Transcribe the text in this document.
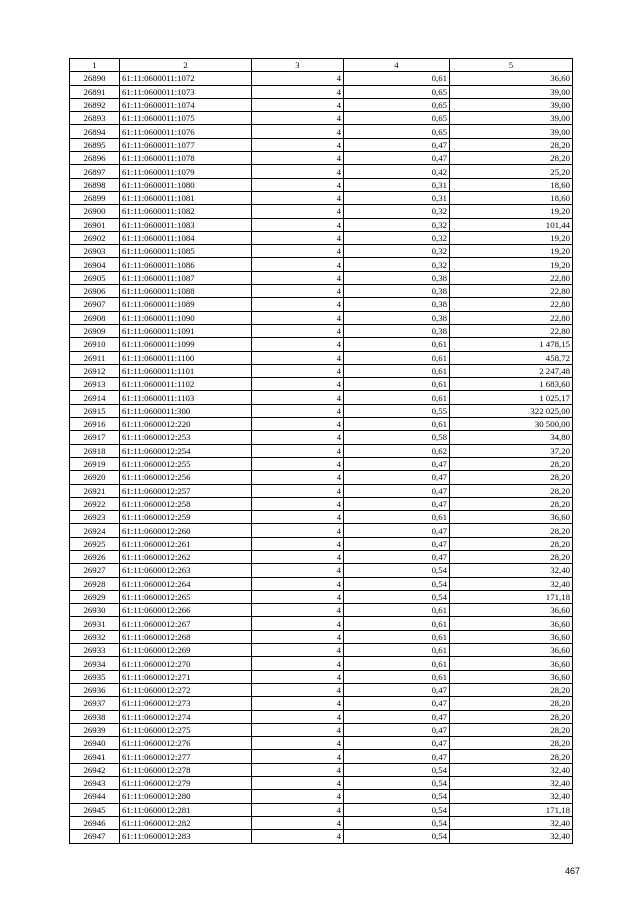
1	2	3	4	5
26890	61:11:0600011:1072	4	0,61	36,60
26891	61:11:0600011:1073	4	0,65	39,00
26892	61:11:0600011:1074	4	0,65	39,00
26893	61:11:0600011:1075	4	0,65	39,00
26894	61:11:0600011:1076	4	0,65	39,00
26895	61:11:0600011:1077	4	0,47	28,20
26896	61:11:0600011:1078	4	0,47	28,20
26897	61:11:0600011:1079	4	0,42	25,20
26898	61:11:0600011:1080	4	0,31	18,60
26899	61:11:0600011:1081	4	0,31	18,60
26900	61:11:0600011:1082	4	0,32	19,20
26901	61:11:0600011:1083	4	0,32	101,44
26902	61:11:0600011:1084	4	0,32	19,20
26903	61:11:0600011:1085	4	0,32	19,20
26904	61:11:0600011:1086	4	0,32	19,20
26905	61:11:0600011:1087	4	0,38	22,80
26906	61:11:0600011:1088	4	0,38	22,80
26907	61:11:0600011:1089	4	0,38	22,80
26908	61:11:0600011:1090	4	0,38	22,80
26909	61:11:0600011:1091	4	0,38	22,80
26910	61:11:0600011:1099	4	0,61	1 478,15
26911	61:11:0600011:1100	4	0,61	458,72
26912	61:11:0600011:1101	4	0,61	2 247,48
26913	61:11:0600011:1102	4	0,61	1 683,60
26914	61:11:0600011:1103	4	0,61	1 025,17
26915	61:11:0600011:300	4	0,55	322 025,00
26916	61:11:0600012:220	4	0,61	30 500,00
26917	61:11:0600012:253	4	0,58	34,80
26918	61:11:0600012:254	4	0,62	37,20
26919	61:11:0600012:255	4	0,47	28,20
26920	61:11:0600012:256	4	0,47	28,20
26921	61:11:0600012:257	4	0,47	28,20
26922	61:11:0600012:258	4	0,47	28,20
26923	61:11:0600012:259	4	0,61	36,60
26924	61:11:0600012:260	4	0,47	28,20
26925	61:11:0600012:261	4	0,47	28,20
26926	61:11:0600012:262	4	0,47	28,20
26927	61:11:0600012:263	4	0,54	32,40
26928	61:11:0600012:264	4	0,54	32,40
26929	61:11:0600012:265	4	0,54	171,18
26930	61:11:0600012:266	4	0,61	36,60
26931	61:11:0600012:267	4	0,61	36,60
26932	61:11:0600012:268	4	0,61	36,60
26933	61:11:0600012:269	4	0,61	36,60
26934	61:11:0600012:270	4	0,61	36,60
26935	61:11:0600012:271	4	0,61	36,60
26936	61:11:0600012:272	4	0,47	28,20
26937	61:11:0600012:273	4	0,47	28,20
26938	61:11:0600012:274	4	0,47	28,20
26939	61:11:0600012:275	4	0,47	28,20
26940	61:11:0600012:276	4	0,47	28,20
26941	61:11:0600012:277	4	0,47	28,20
26942	61:11:0600012:278	4	0,54	32,40
26943	61:11:0600012:279	4	0,54	32,40
26944	61:11:0600012:280	4	0,54	32,40
26945	61:11:0600012:281	4	0,54	171,18
26946	61:11:0600012:282	4	0,54	32,40
26947	61:11:0600012:283	4	0,54	32,40
467
